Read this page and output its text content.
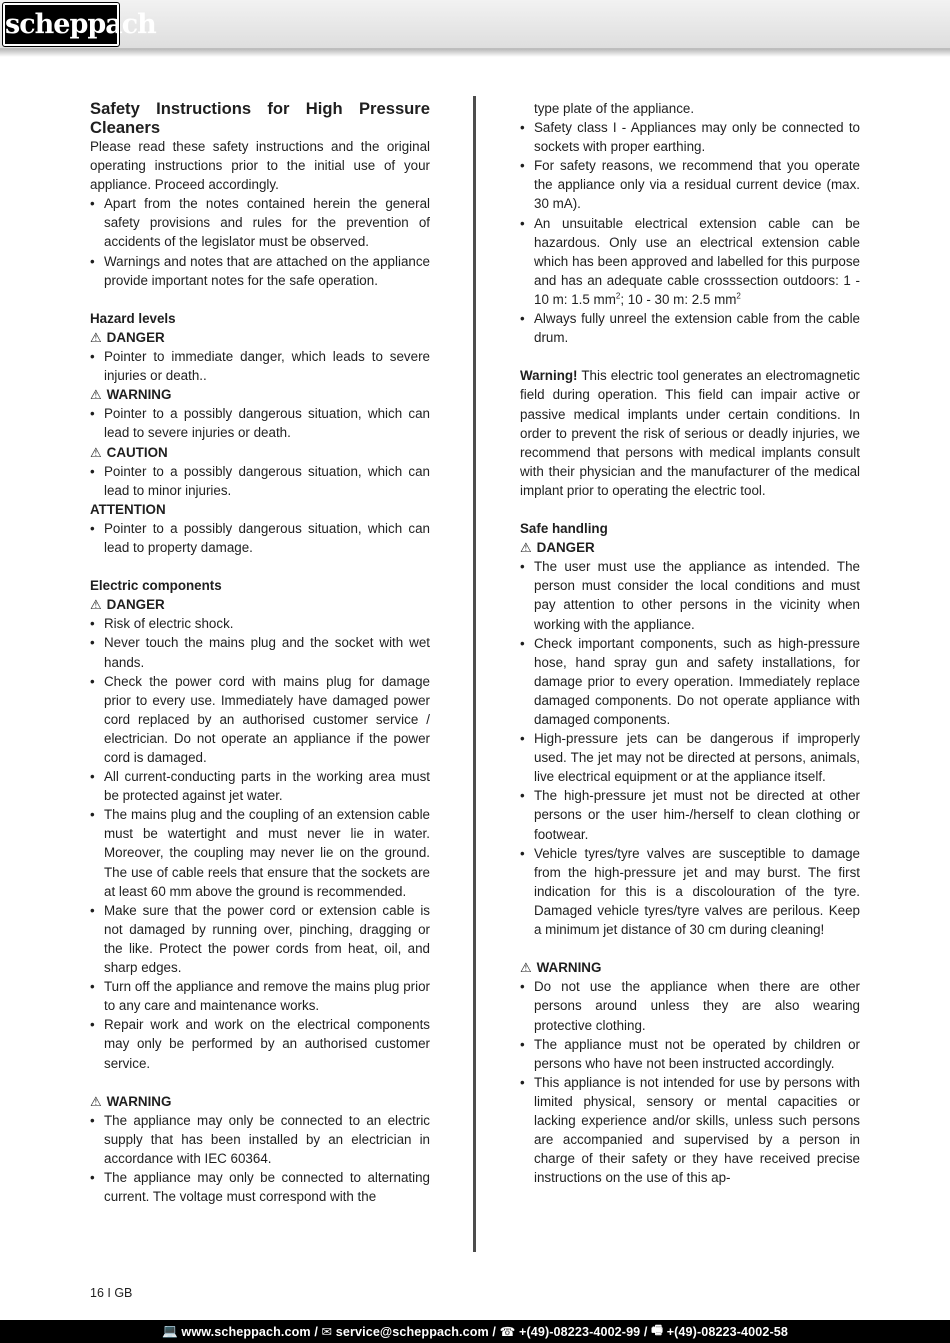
scheppach

Safety Instructions for High Pressure Cleaners

Please read these safety instructions and the original operating instructions prior to the initial use of your appliance. Proceed accordingly.

• Apart from the notes contained herein the general safety provisions and rules for the prevention of accidents of the legislator must be observed.
• Warnings and notes that are attached on the appliance provide important notes for the safe operation.

Hazard levels

⚠ DANGER

• Pointer to immediate danger, which leads to severe injuries or death..

⚠ WARNING

• Pointer to a possibly dangerous situation, which can lead to severe injuries or death.

⚠ CAUTION

• Pointer to a possibly dangerous situation, which can lead to minor injuries.

ATTENTION

• Pointer to a possibly dangerous situation, which can lead to property damage.

Electric components

⚠ DANGER

• Risk of electric shock.
• Never touch the mains plug and the socket with wet hands.
• Check the power cord with mains plug for damage prior to every use. Immediately have damaged power cord replaced by an authorised customer service / electrician. Do not operate an appliance if the power cord is damaged.
• All current-conducting parts in the working area must be protected against jet water.
• The mains plug and the coupling of an extension cable must be watertight and must never lie in water. Moreover, the coupling may never lie on the ground. The use of cable reels that ensure that the sockets are at least 60 mm above the ground is recommended.
• Make sure that the power cord or extension cable is not damaged by running over, pinching, dragging or the like. Protect the power cords from heat, oil, and sharp edges.
• Turn off the appliance and remove the mains plug prior to any care and maintenance works.
• Repair work and work on the electrical components may only be performed by an authorised customer service.

⚠ WARNING

• The appliance may only be connected to an electric supply that has been installed by an electrician in accordance with IEC 60364.
• The appliance may only be connected to alternating current. The voltage must correspond with the

type plate of the appliance.

• Safety class I - Appliances may only be connected to sockets with proper earthing.
• For safety reasons, we recommend that you operate the appliance only via a residual current device (max. 30 mA).
• An unsuitable electrical extension cable can be hazardous. Only use an electrical extension cable which has been approved and labelled for this purpose and has an adequate cable crosssection outdoors: 1 - 10 m: 1.5 $mm^2$; 10 - 30 m: 2.5 $mm^2$
• Always fully unreel the extension cable from the cable drum.

Warning! This electric tool generates an electromagnetic field during operation. This field can impair active or passive medical implants under certain conditions. In order to prevent the risk of serious or deadly injuries, we recommend that persons with medical implants consult with their physician and the manufacturer of the medical implant prior to operating the electric tool.

Safe handling

⚠ DANGER

• The user must use the appliance as intended. The person must consider the local conditions and must pay attention to other persons in the vicinity when working with the appliance.
• Check important components, such as high-pressure hose, hand spray gun and safety installations, for damage prior to every operation. Immediately replace damaged components. Do not operate appliance with damaged components.
• High-pressure jets can be dangerous if improperly used. The jet may not be directed at persons, animals, live electrical equipment or at the appliance itself.
• The high-pressure jet must not be directed at other persons or the user him-/herself to clean clothing or footwear.
• Vehicle tyres/tyre valves are susceptible to damage from the high-pressure jet and may burst. The first indication for this is a discolouration of the tyre. Damaged vehicle tyres/tyre valves are perilous. Keep a minimum jet distance of 30 cm during cleaning!

⚠ WARNING

• Do not use the appliance when there are other persons around unless they are also wearing protective clothing.
• The appliance must not be operated by children or persons who have not been instructed accordingly.
• This appliance is not intended for use by persons with limited physical, sensory or mental capacities or lacking experience and/or skills, unless such persons are accompanied and supervised by a person in charge of their safety or they have received precise instructions on the use of this ap-
16 I GB
💻
www.scheppach.com / ✉
service@scheppach.com / ☎
+(49)-08223-4002-99 / 🖷
+(49)-08223-4002-58
